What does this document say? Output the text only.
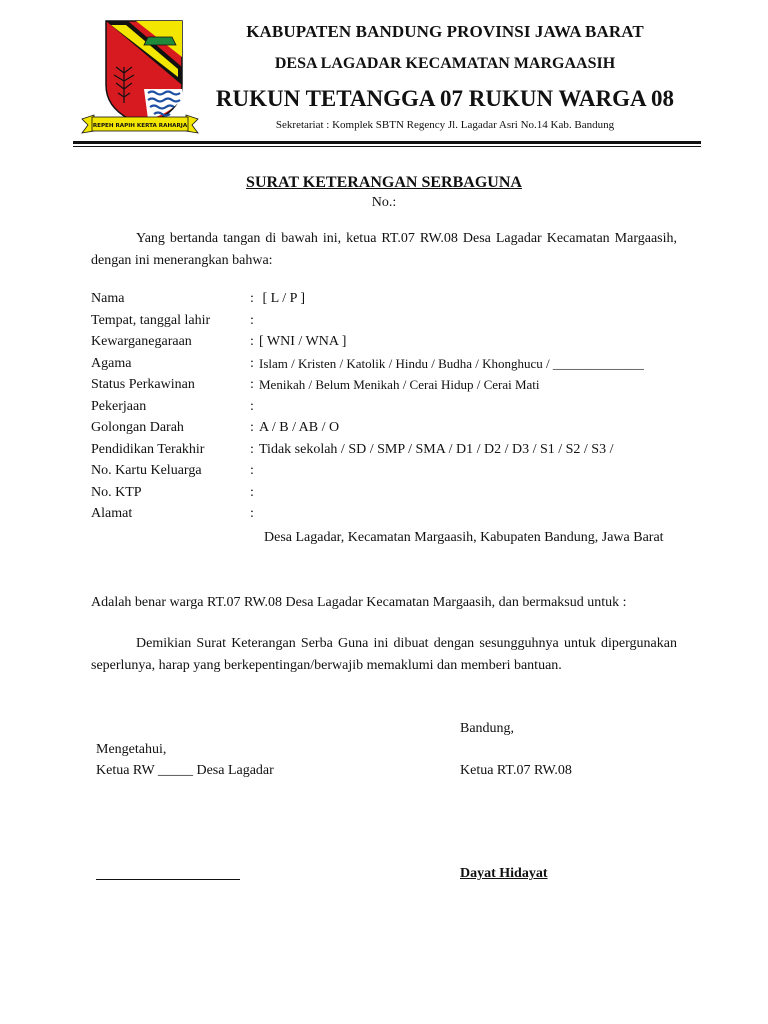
REPEH RAPIH KERTA RAHARJA
KABUPATEN BANDUNG PROVINSI JAWA BARAT
DESA LAGADAR KECAMATAN MARGAASIH
RUKUN TETANGGA 07 RUKUN WARGA 08
Sekretariat : Komplek SBTN Regency Jl. Lagadar Asri No.14 Kab. Bandung
SURAT KETERANGAN SERBAGUNA
No.:
Yang bertanda tangan di bawah ini, ketua RT.07 RW.08 Desa Lagadar Kecamatan Margaasih, dengan ini menerangkan bahwa:
Nama	: [ L / P ]
Tempat, tanggal lahir	:
Kewarganegaraan	: [ WNI / WNA ]
Agama	: Islam / Kristen / Katolik / Hindu / Budha / Khonghucu / ______________
Status Perkawinan	: Menikah / Belum Menikah / Cerai Hidup / Cerai Mati
Pekerjaan	:
Golongan Darah	: A / B / AB / O
Pendidikan Terakhir	: Tidak sekolah / SD / SMP / SMA / D1 / D2 / D3 / S1 / S2 / S3 /
No. Kartu Keluarga	:
No. KTP	:
Alamat	:
Desa Lagadar, Kecamatan Margaasih, Kabupaten Bandung, Jawa Barat
Adalah benar warga RT.07 RW.08 Desa Lagadar Kecamatan Margaasih, dan bermaksud untuk :
Demikian Surat Keterangan Serba Guna ini dibuat dengan sesungguhnya untuk dipergunakan seperlunya, harap yang berkepentingan/berwajib memaklumi dan memberi bantuan.
Bandung,
Mengetahui,
Ketua RW _____ Desa Lagadar	Ketua RT.07 RW.08
Dayat Hidayat
